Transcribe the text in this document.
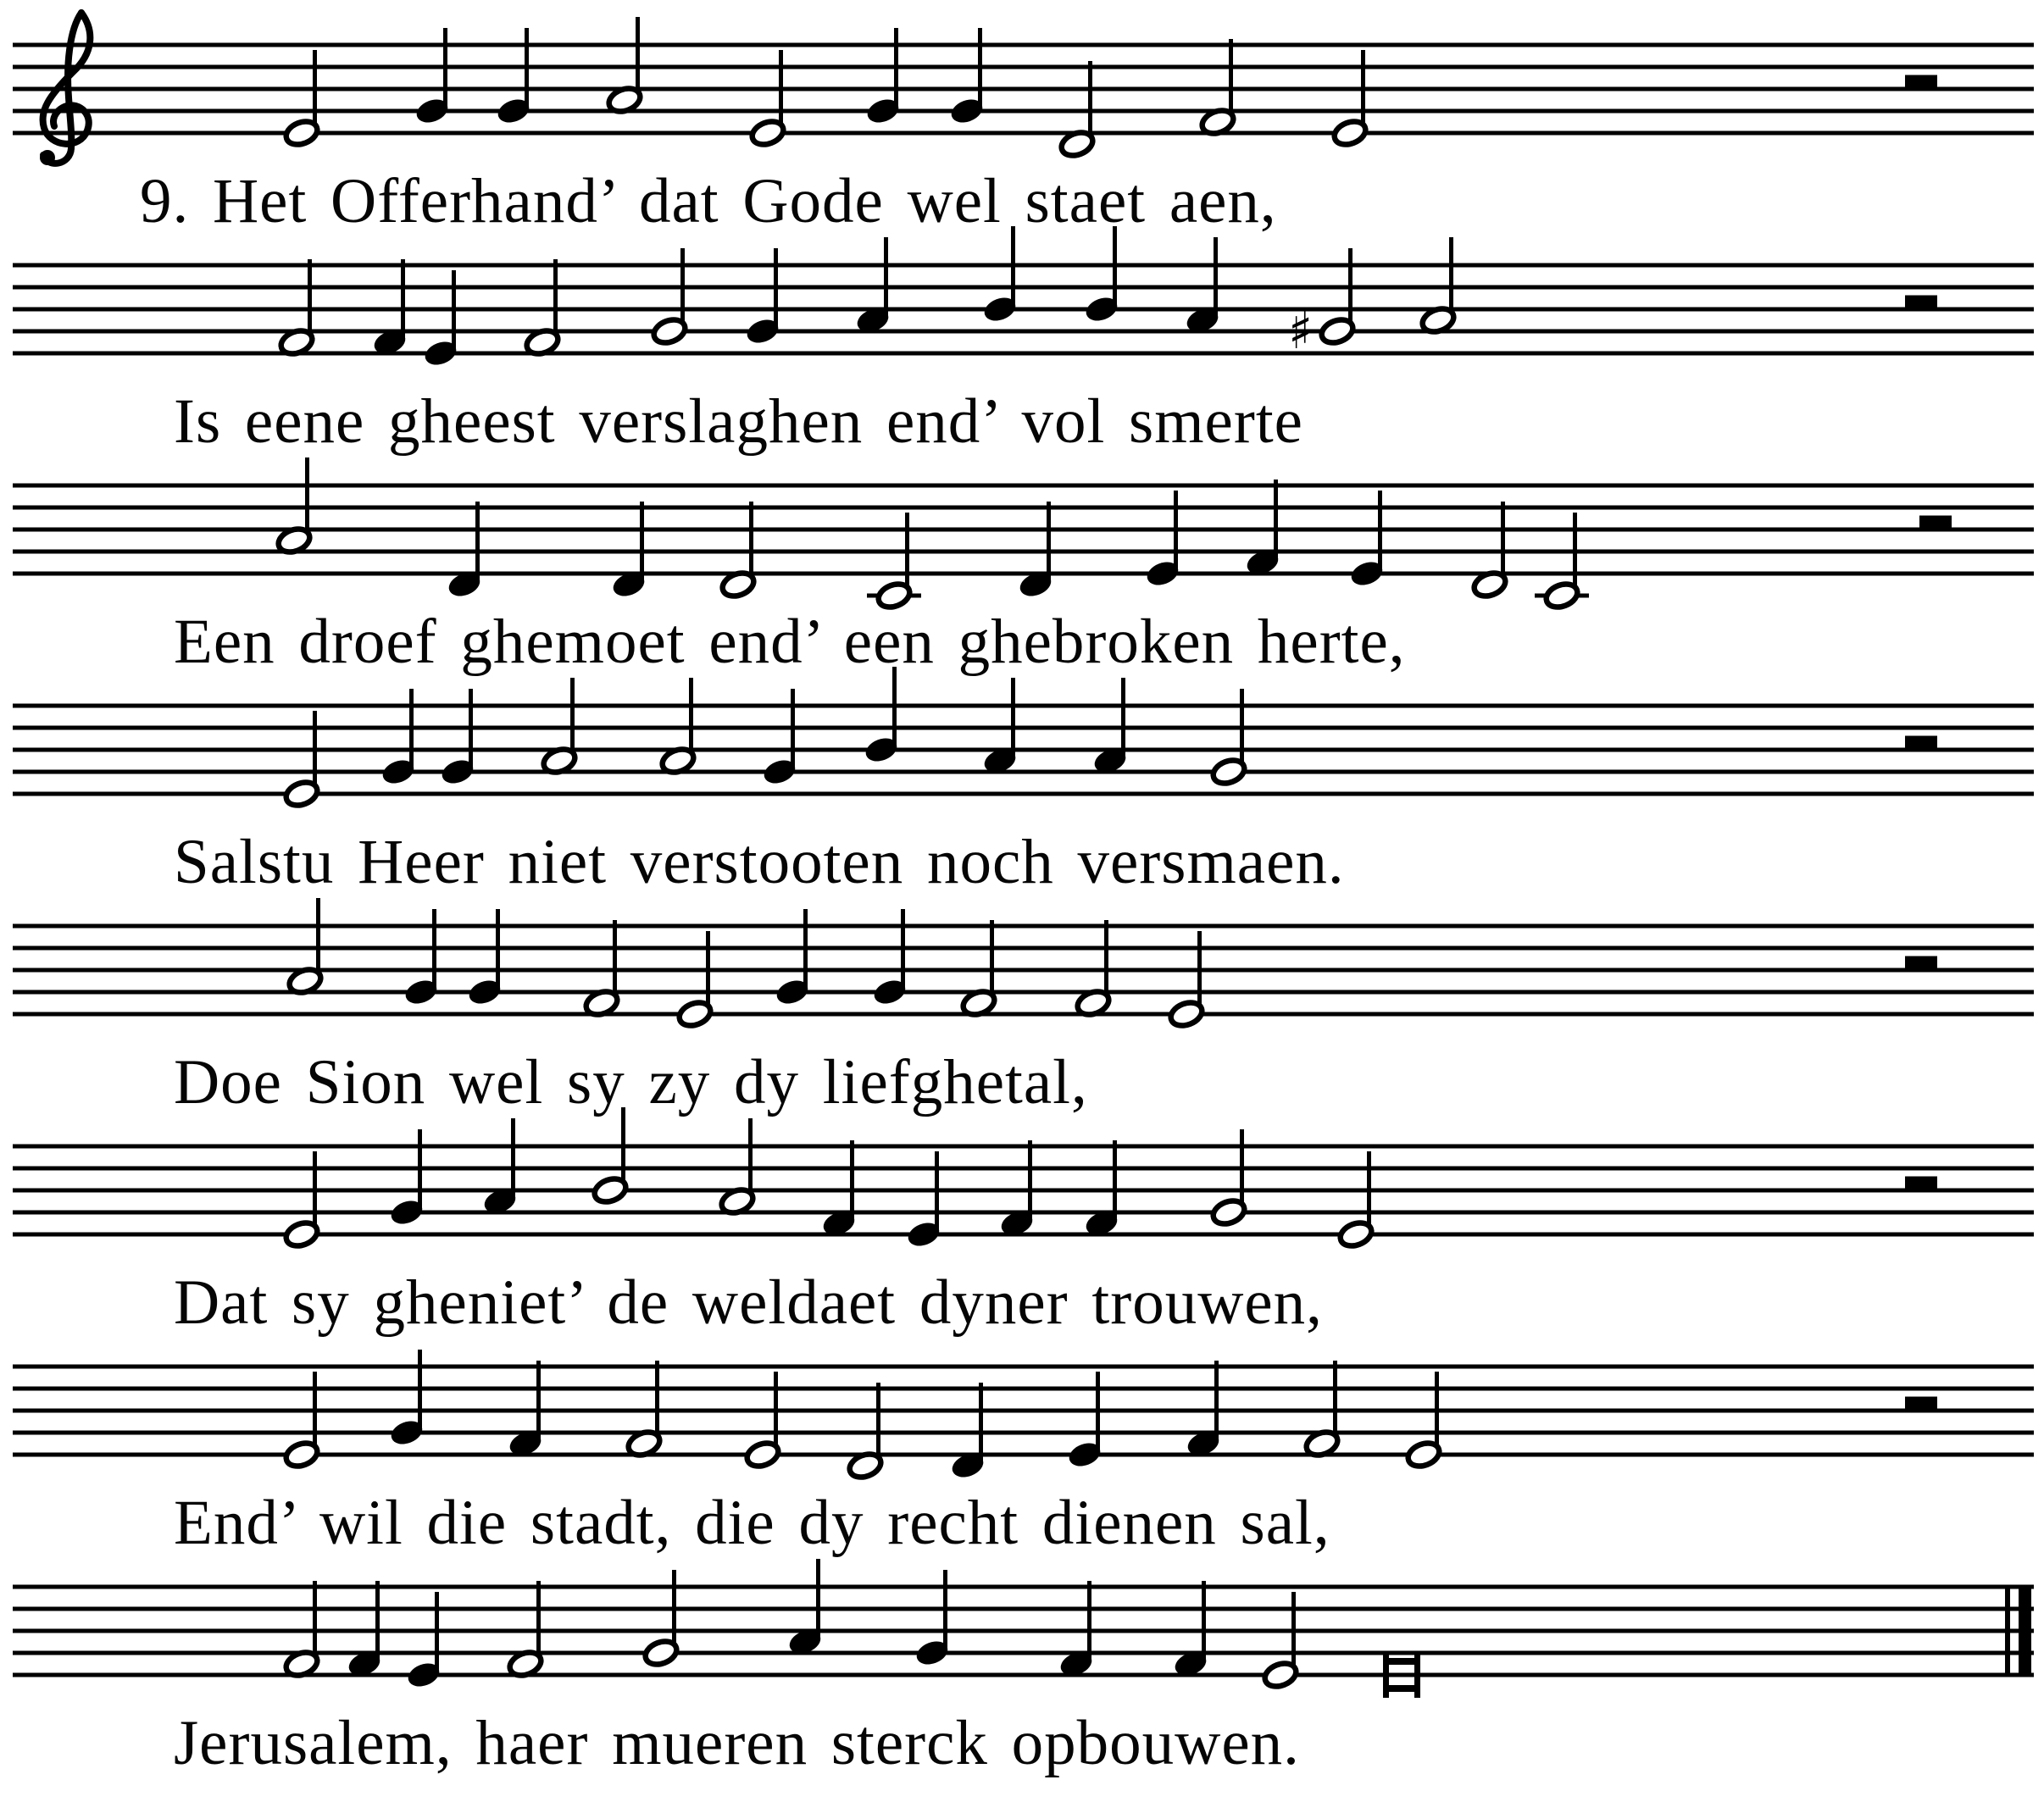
♯
9. Het Offerhand’ dat Gode wel staet aen,
Is eene gheest verslaghen end’ vol smerte
Een droef ghemoet end’ een ghebroken herte,
Salstu Heer niet verstooten noch versmaen.
Doe Sion wel sy zy dy liefghetal,
Dat sy gheniet’ de weldaet dyner trouwen,
End’ wil die stadt, die dy recht dienen sal,
Jerusalem, haer mueren sterck opbouwen.
